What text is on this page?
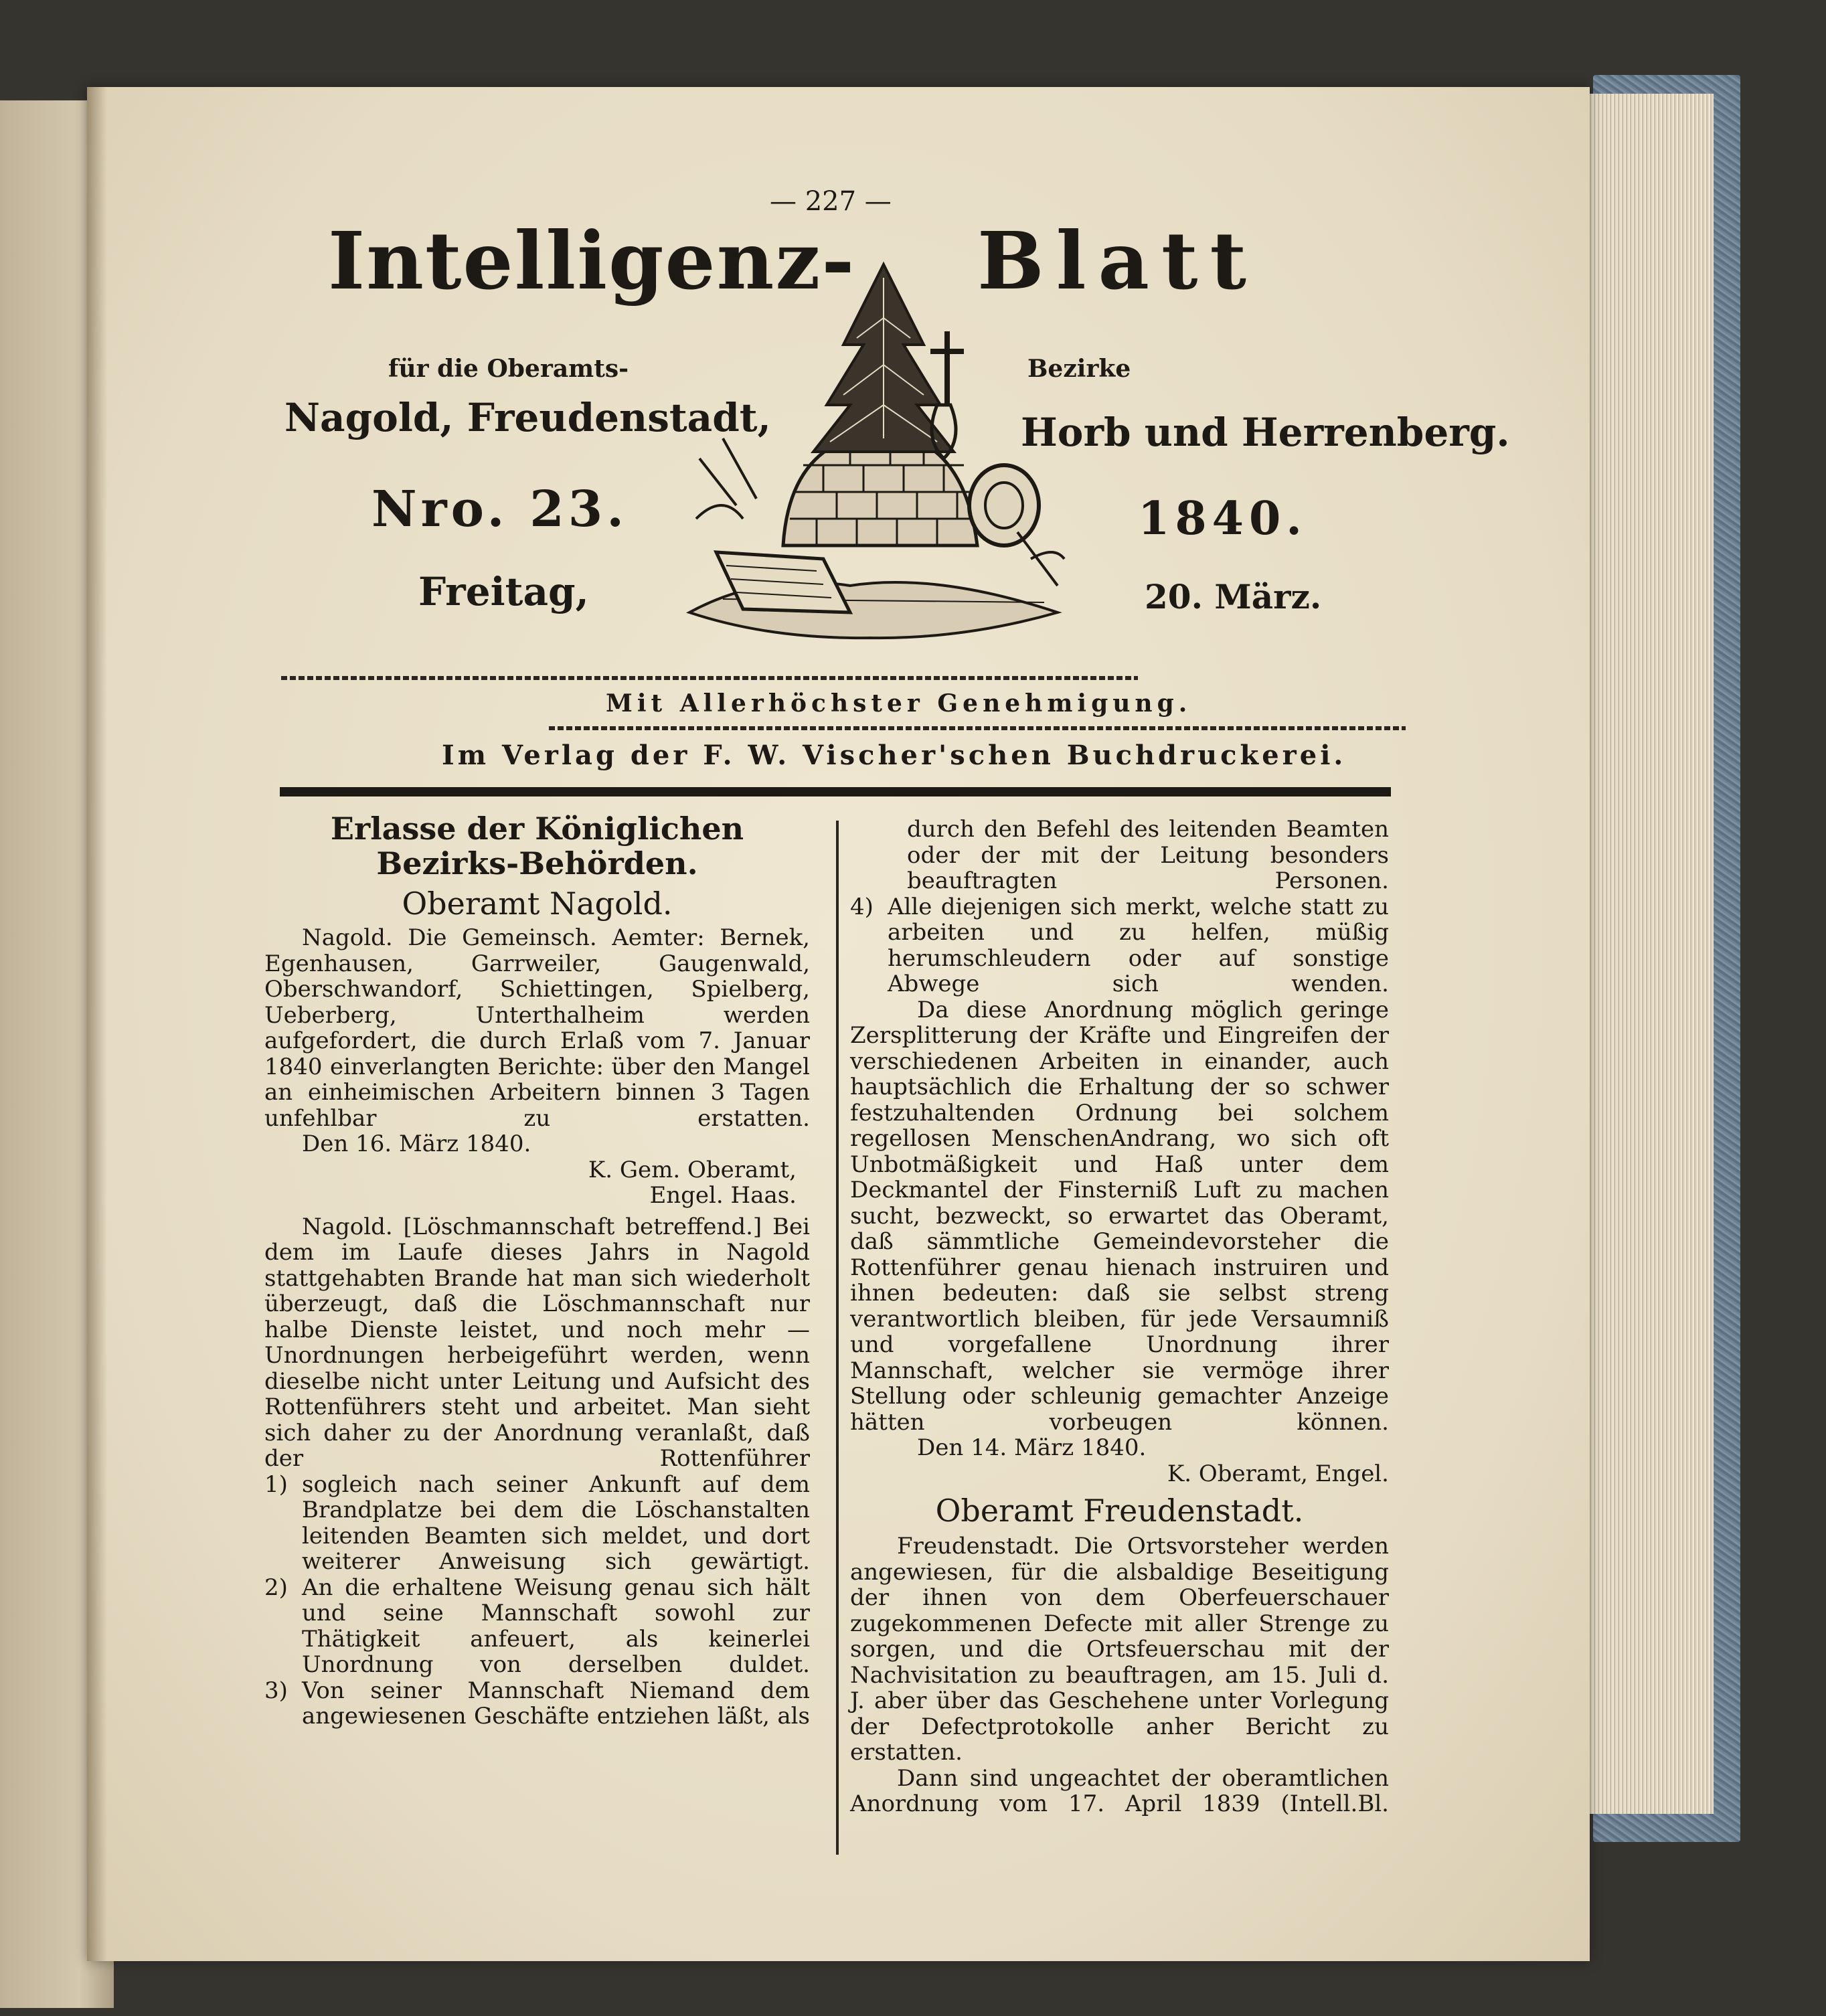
— 227 —
Intelligenz- Blatt
für die Oberamts-	Bezirke
Nagold, Freudenstadt,	Horb und Herrenberg.
Nro. 23.	1840.
Freitag,	20. März.
Mit Allerhöchster Genehmigung.
Im Verlag der F. W. Vischer'schen Buchdruckerei.
Erlasse der Königlichen Bezirks-Behörden.
Oberamt Nagold.

Nagold. Die Gemeinsch. Aemter: Bernek, Egenhausen, Garrweiler, Gaugenwald, Oberschwandorf, Schiettingen, Spielberg, Ueberberg, Unterthalheim werden aufgefordert, die durch Erlaß vom 7. Januar 1840 einverlangten Berichte: über den Mangel an einheimischen Arbeitern binnen 3 Tagen unfehlbar zu erstatten.

Den 16. März 1840.
K. Gem. Oberamt,
Engel. Haas.

Nagold. [Löschmannschaft betreffend.] Bei dem im Laufe dieses Jahrs in Nagold stattgehabten Brande hat man sich wiederholt überzeugt, daß die Löschmannschaft nur halbe Dienste leistet, und noch mehr — Unordnungen herbeigeführt werden, wenn dieselbe nicht unter Leitung und Aufsicht des Rottenführers steht und arbeitet. Man sieht sich daher zu der Anordnung veranlaßt, daß der Rottenführer

1) sogleich nach seiner Ankunft auf dem Brandplatze bei dem die Löschanstalten leitenden Beamten sich meldet, und dort weiterer Anweisung sich gewärtigt.
2) An die erhaltene Weisung genau sich hält und seine Mannschaft sowohl zur Thätigkeit anfeuert, als keinerlei Unordnung von derselben duldet.
3) Von seiner Mannschaft Niemand dem angewiesenen Geschäfte entziehen läßt, als

durch den Befehl des leitenden Beamten oder der mit der Leitung besonders beauftragten Personen.

4) Alle diejenigen sich merkt, welche statt zu arbeiten und zu helfen, müßig herumschleudern oder auf sonstige Abwege sich wenden.

Da diese Anordnung möglich geringe Zersplitterung der Kräfte und Eingreifen der verschiedenen Arbeiten in einander, auch hauptsächlich die Erhaltung der so schwer festzuhaltenden Ordnung bei solchem regellosen MenschenAndrang, wo sich oft Unbotmäßigkeit und Haß unter dem Deckmantel der Finsterniß Luft zu machen sucht, bezweckt, so erwartet das Oberamt, daß sämmtliche Gemeindevorsteher die Rottenführer genau hienach instruiren und ihnen bedeuten: daß sie selbst streng verantwortlich bleiben, für jede Versaumniß und vorgefallene Unordnung ihrer Mannschaft, welcher sie vermöge ihrer Stellung oder schleunig gemachter Anzeige hätten vorbeugen können.

Den 14. März 1840.
K. Oberamt, Engel.
Oberamt Freudenstadt.

Freudenstadt. Die Ortsvorsteher werden angewiesen, für die alsbaldige Beseitigung der ihnen von dem Oberfeuerschauer zugekommenen Defecte mit aller Strenge zu sorgen, und die Ortsfeuerschau mit der Nachvisitation zu beauftragen, am 15. Juli d. J. aber über das Geschehene unter Vorlegung der Defectprotokolle anher Bericht zu erstatten.

Dann sind ungeachtet der oberamtlichen Anordnung vom 17. April 1839 (Intell.Bl.
